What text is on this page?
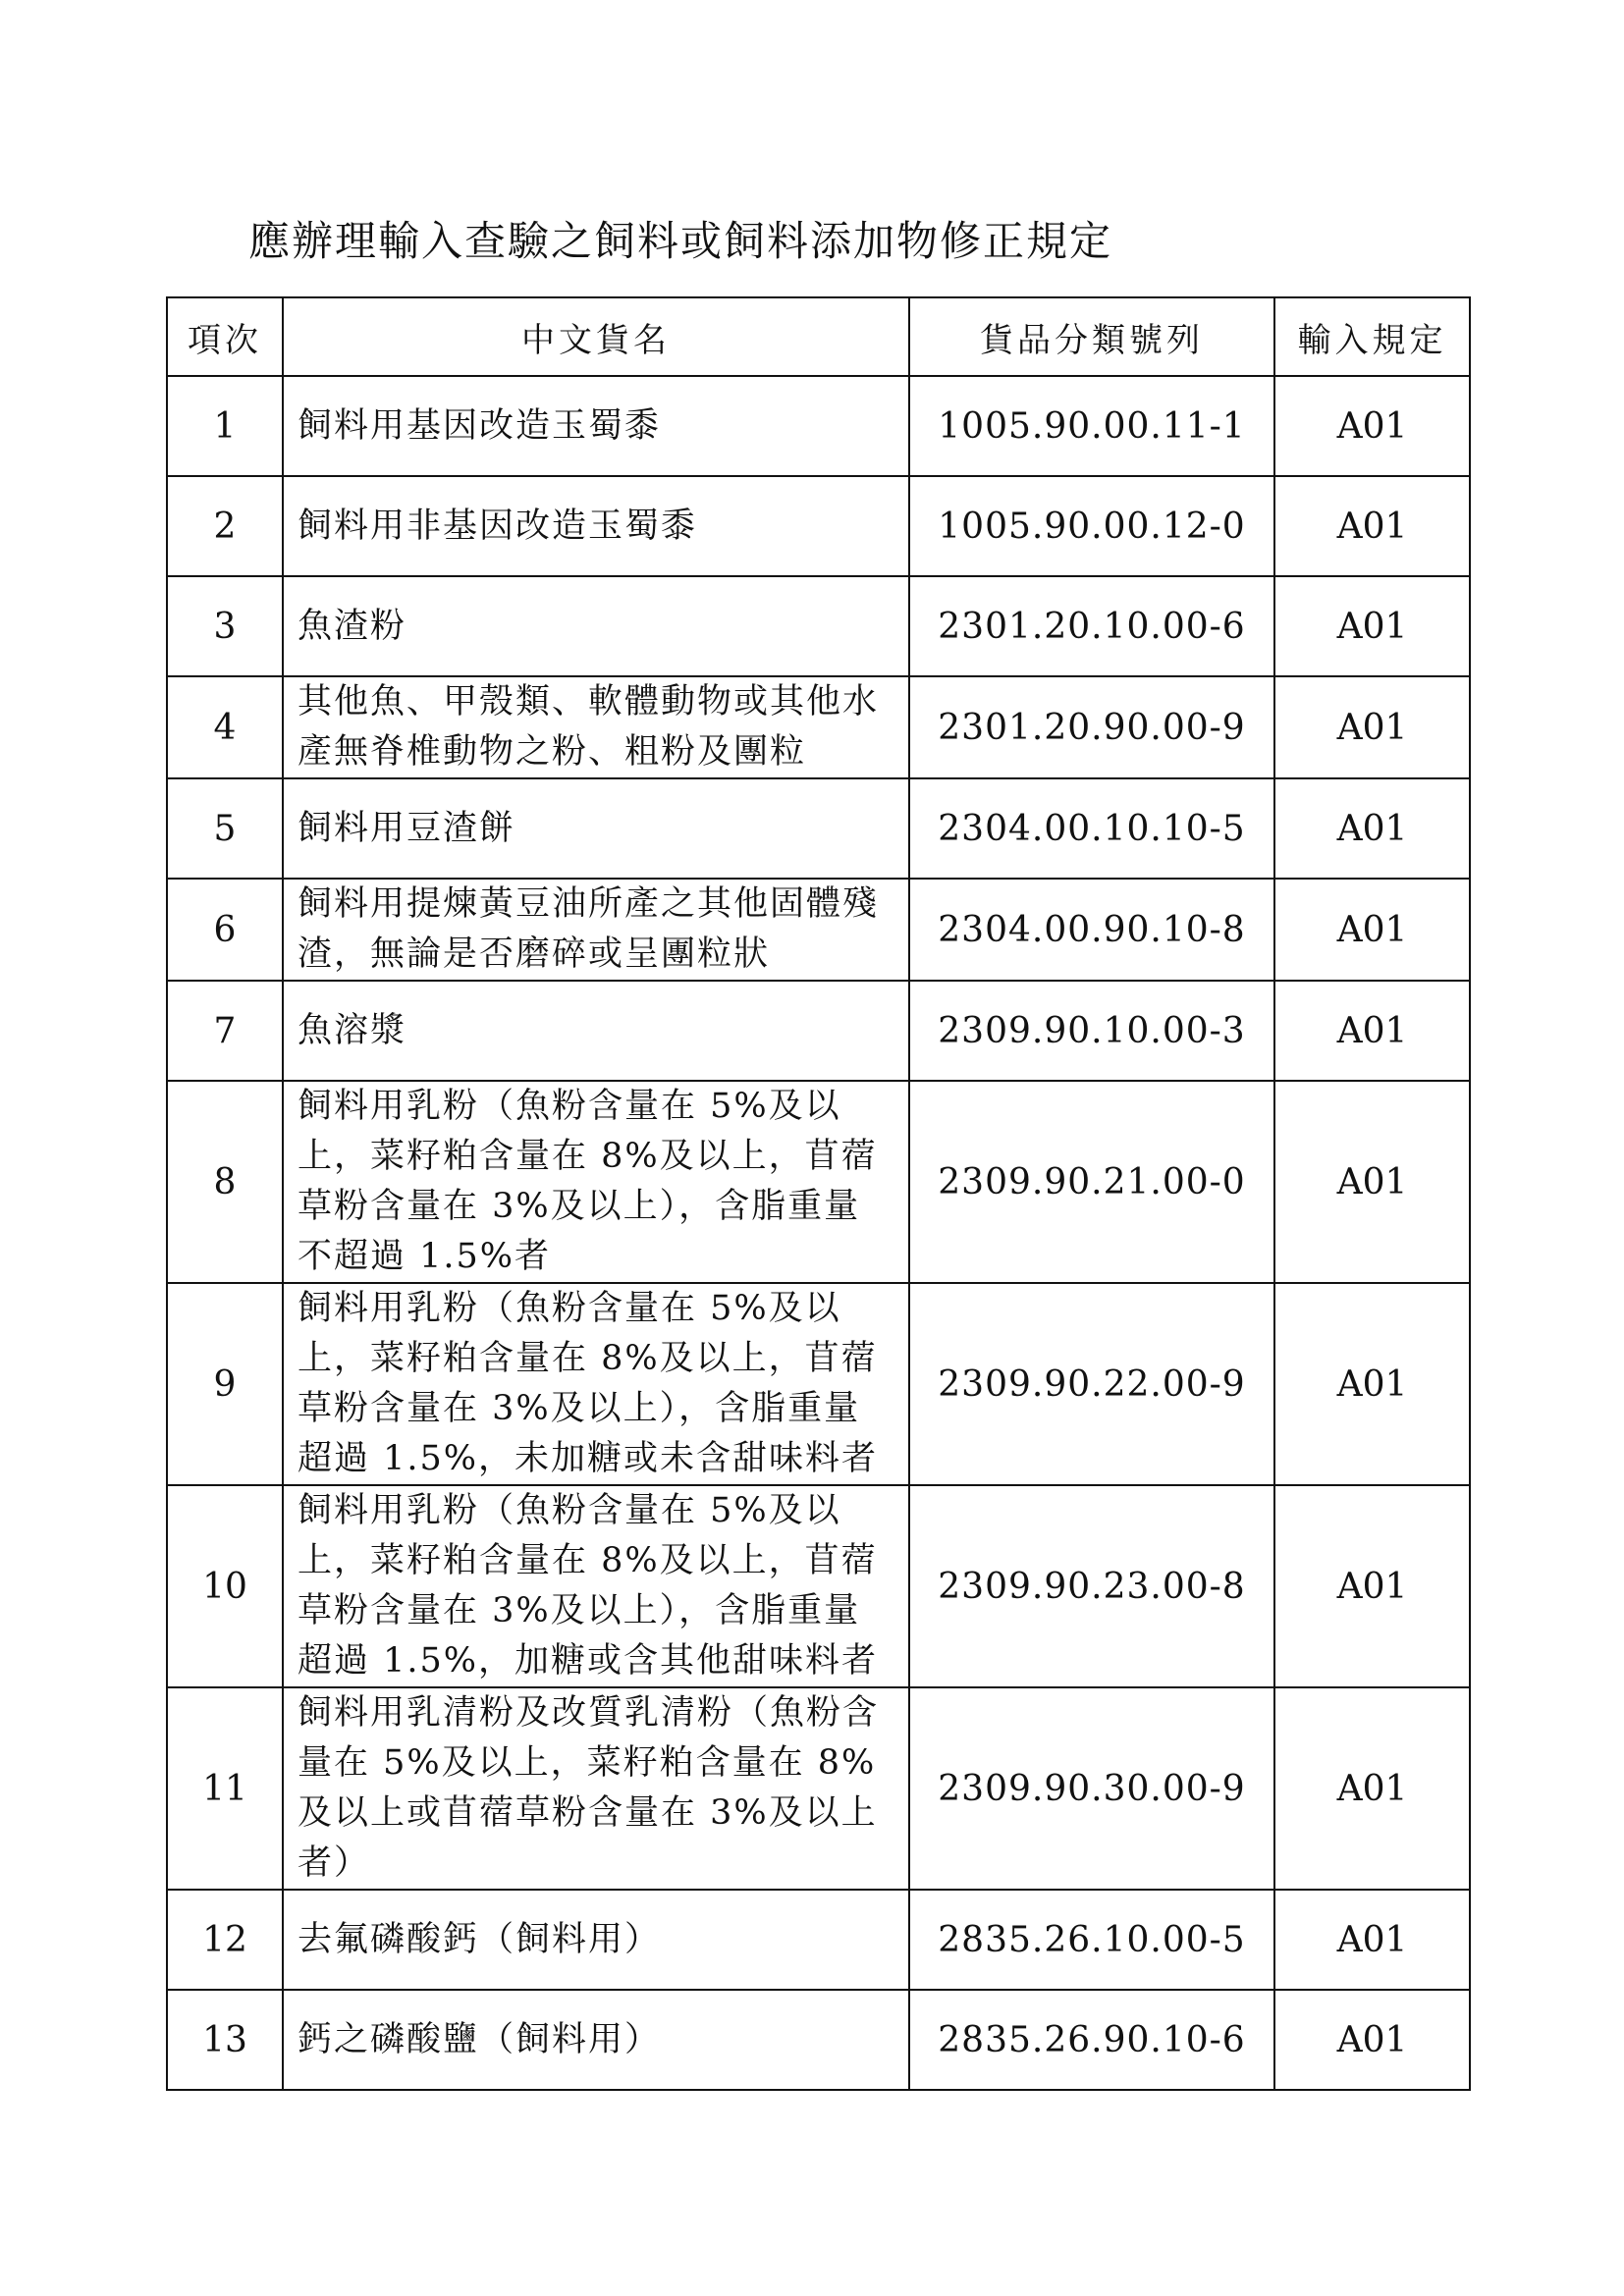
應辦理輸入查驗之飼料或飼料添加物修正規定
項次	中文貨名	貨品分類號列	輸入規定
1	飼料用基因改造玉蜀黍	1005.90.00.11-1	A01
2	飼料用非基因改造玉蜀黍	1005.90.00.12-0	A01
3	魚渣粉	2301.20.10.00-6	A01
4	其他魚、甲殼類、軟體動物或其他水產無脊椎動物之粉、粗粉及團粒	2301.20.90.00-9	A01
5	飼料用豆渣餅	2304.00.10.10-5	A01
6	飼料用提煉黃豆油所產之其他固體殘渣，無論是否磨碎或呈團粒狀	2304.00.90.10-8	A01
7	魚溶漿	2309.90.10.00-3	A01
8	飼料用乳粉（魚粉含量在 5%及以上，菜籽粕含量在 8%及以上，苜蓿草粉含量在 3%及以上），含脂重量不超過 1.5%者	2309.90.21.00-0	A01
9	飼料用乳粉（魚粉含量在 5%及以上，菜籽粕含量在 8%及以上，苜蓿草粉含量在 3%及以上），含脂重量超過 1.5%，未加糖或未含甜味料者	2309.90.22.00-9	A01
10	飼料用乳粉（魚粉含量在 5%及以上，菜籽粕含量在 8%及以上，苜蓿草粉含量在 3%及以上），含脂重量超過 1.5%，加糖或含其他甜味料者	2309.90.23.00-8	A01
11	飼料用乳清粉及改質乳清粉（魚粉含量在 5%及以上，菜籽粕含量在 8%及以上或苜蓿草粉含量在 3%及以上者）	2309.90.30.00-9	A01
12	去氟磷酸鈣（飼料用）	2835.26.10.00-5	A01
13	鈣之磷酸鹽（飼料用）	2835.26.90.10-6	A01
